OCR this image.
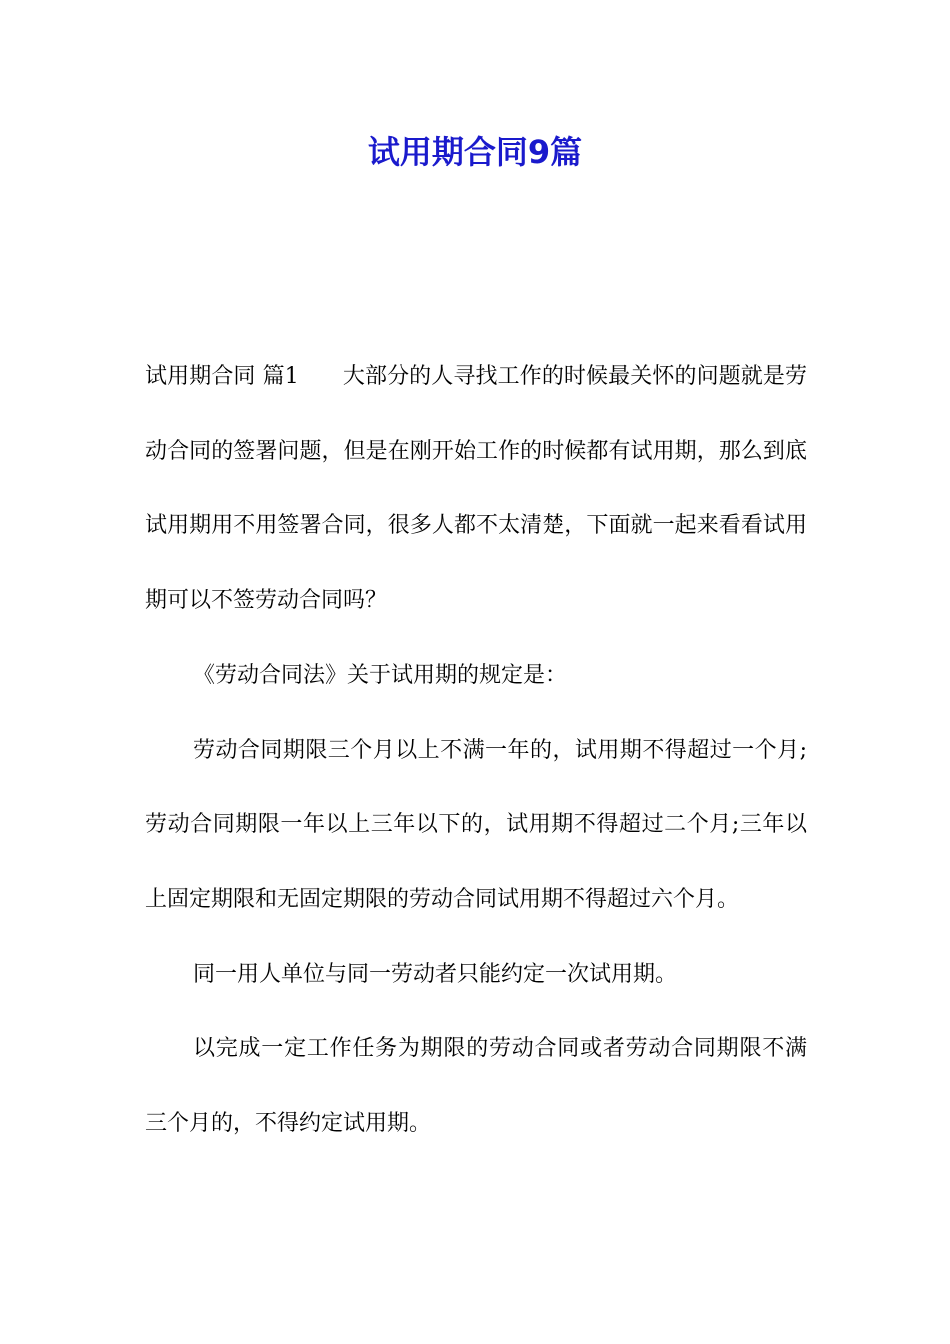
试用期合同9篇

试用期合同 篇1 大部分的人寻找工作的时候最关怀的问题就是劳动合同的签署问题，但是在刚开始工作的时候都有试用期，那么到底试用期用不用签署合同，很多人都不太清楚，下面就一起来看看试用期可以不签劳动合同吗？

《劳动合同法》关于试用期的规定是：

劳动合同期限三个月以上不满一年的，试用期不得超过一个月;劳动合同期限一年以上三年以下的，试用期不得超过二个月;三年以上固定期限和无固定期限的劳动合同试用期不得超过六个月。

同一用人单位与同一劳动者只能约定一次试用期。

以完成一定工作任务为期限的劳动合同或者劳动合同期限不满三个月的，不得约定试用期。
